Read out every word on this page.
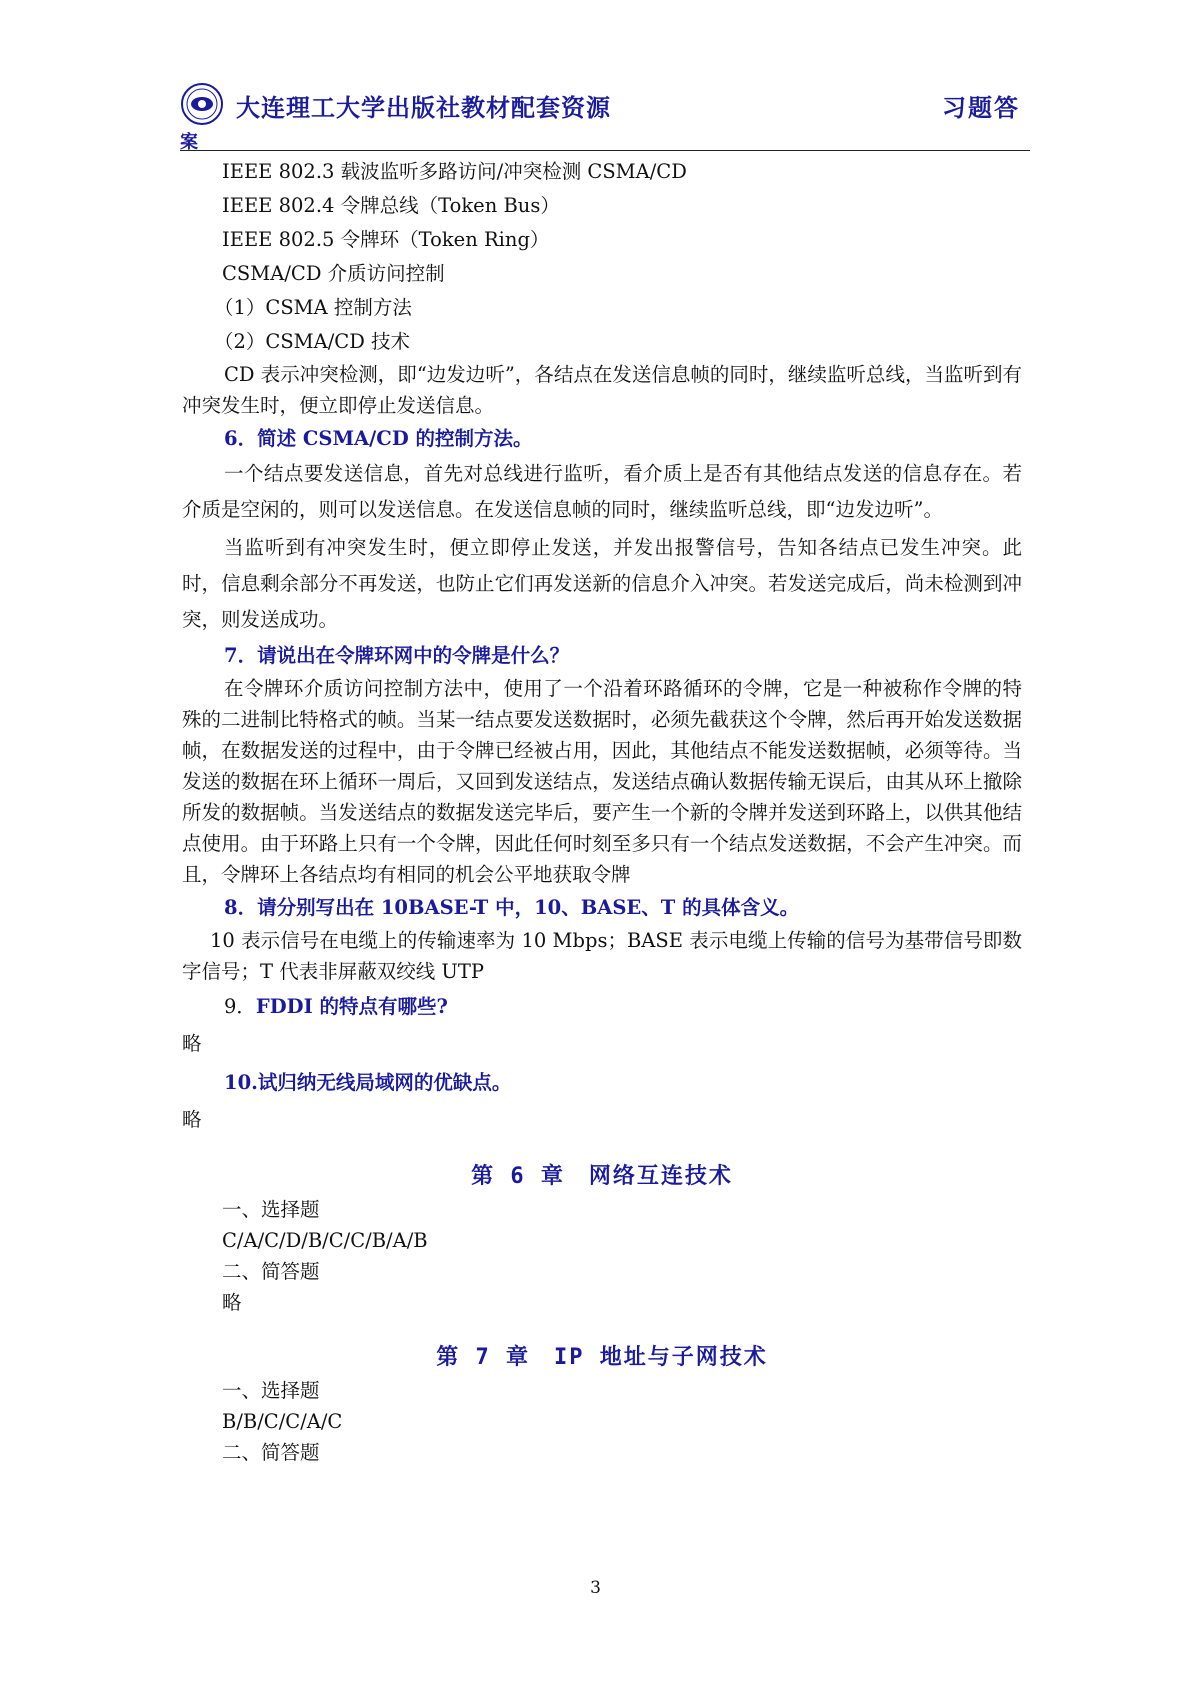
大连理工大学出版社教材配套资源	习题答
案

IEEE 802.3 载波监听多路访问/冲突检测 CSMA/CD

IEEE 802.4 令牌总线（Token Bus）

IEEE 802.5 令牌环（Token Ring）

CSMA/CD 介质访问控制

（1）CSMA 控制方法

（2）CSMA/CD 技术

CD 表示冲突检测，即“边发边听”，各结点在发送信息帧的同时，继续监听总线，当监听到有冲突发生时，便立即停止发送信息。

6．简述 CSMA/CD 的控制方法。

一个结点要发送信息，首先对总线进行监听，看介质上是否有其他结点发送的信息存在。若介质是空闲的，则可以发送信息。在发送信息帧的同时，继续监听总线，即“边发边听”。

当监听到有冲突发生时，便立即停止发送，并发出报警信号，告知各结点已发生冲突。此时，信息剩余部分不再发送，也防止它们再发送新的信息介入冲突。若发送完成后，尚未检测到冲突，则发送成功。

7．请说出在令牌环网中的令牌是什么？

在令牌环介质访问控制方法中，使用了一个沿着环路循环的令牌，它是一种被称作令牌的特殊的二进制比特格式的帧。当某一结点要发送数据时，必须先截获这个令牌，然后再开始发送数据帧，在数据发送的过程中，由于令牌已经被占用，因此，其他结点不能发送数据帧，必须等待。当发送的数据在环上循环一周后，又回到发送结点，发送结点确认数据传输无误后，由其从环上撤除所发的数据帧。当发送结点的数据发送完毕后，要产生一个新的令牌并发送到环路上，以供其他结点使用。由于环路上只有一个令牌，因此任何时刻至多只有一个结点发送数据，不会产生冲突。而且，令牌环上各结点均有相同的机会公平地获取令牌

8．请分别写出在 10BASE-T 中，10、BASE、T 的具体含义。

10 表示信号在电缆上的传输速率为 10 Mbps；BASE 表示电缆上传输的信号为基带信号即数字信号；T 代表非屏蔽双绞线 UTP

9．FDDI 的特点有哪些?

略

10.试归纳无线局域网的优缺点。

略

第 6 章　网络互连技术

一、选择题

C/A/C/D/B/C/C/B/A/B

二、简答题

略

第 7 章　IP 地址与子网技术

一、选择题

B/B/C/C/A/C

二、简答题

3
